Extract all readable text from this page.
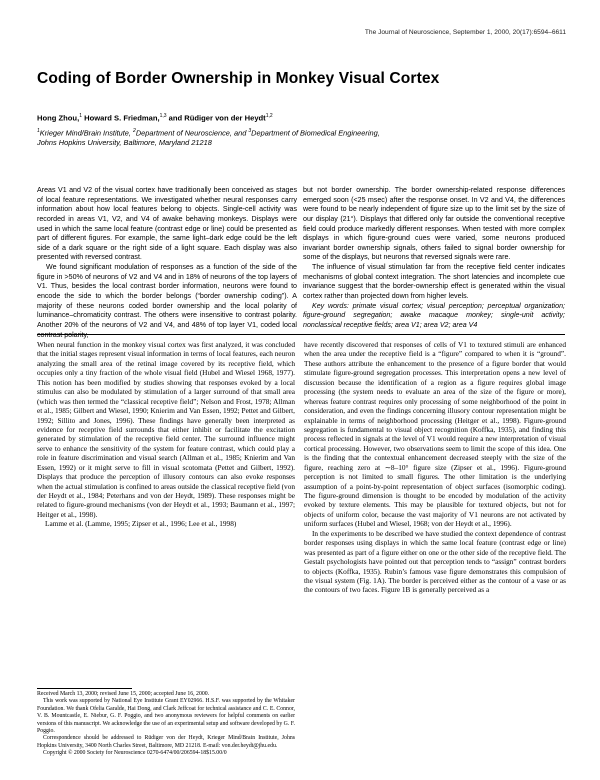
The Journal of Neuroscience, September 1, 2000, 20(17):6594–6611
Coding of Border Ownership in Monkey Visual Cortex
Hong Zhou,$^1$ Howard S. Friedman,$^{1,3}$ and Rüdiger von der Heydt$^{1,2}$
$^1$Krieger Mind/Brain Institute, $^2$Department of Neuroscience, and $^3$Department of Biomedical Engineering,
Johns Hopkins University, Baltimore, Maryland 21218

Areas V1 and V2 of the visual cortex have traditionally been conceived as stages of local feature representations. We investigated whether neural responses carry information about how local features belong to objects. Single-cell activity was recorded in areas V1, V2, and V4 of awake behaving monkeys. Displays were used in which the same local feature (contrast edge or line) could be presented as part of different figures. For example, the same light–dark edge could be the left side of a dark square or the right side of a light square. Each display was also presented with reversed contrast.

We found significant modulation of responses as a function of the side of the figure in >50% of neurons of V2 and V4 and in 18% of neurons of the top layers of V1. Thus, besides the local contrast border information, neurons were found to encode the side to which the border belongs (“border ownership coding”). A majority of these neurons coded border ownership and the local polarity of luminance–chromaticity contrast. The others were insensitive to contrast polarity. Another 20% of the neurons of V2 and V4, and 48% of top layer V1, coded local contrast polarity,

but not border ownership. The border ownership-related response differences emerged soon (<25 msec) after the response onset. In V2 and V4, the differences were found to be nearly independent of figure size up to the limit set by the size of our display (21°). Displays that differed only far outside the conventional receptive field could produce markedly different responses. When tested with more complex displays in which figure-ground cues were varied, some neurons produced invariant border ownership signals, others failed to signal border ownership for some of the displays, but neurons that reversed signals were rare.

The influence of visual stimulation far from the receptive field center indicates mechanisms of global context integration. The short latencies and incomplete cue invariance suggest that the border-ownership effect is generated within the visual cortex rather than projected down from higher levels.

Key words: primate visual cortex; visual perception; perceptual organization; figure-ground segregation; awake macaque monkey; single-unit activity; nonclassical receptive fields; area V1; area V2; area V4

When neural function in the monkey visual cortex was first analyzed, it was concluded that the initial stages represent visual information in terms of local features, each neuron analyzing the small area of the retinal image covered by its receptive field, which occupies only a tiny fraction of the whole visual field (Hubel and Wiesel 1968, 1977). This notion has been modified by studies showing that responses evoked by a local stimulus can also be modulated by stimulation of a larger surround of that small area (which was then termed the “classical receptive field”; Nelson and Frost, 1978; Allman et al., 1985; Gilbert and Wiesel, 1990; Knierim and Van Essen, 1992; Pettet and Gilbert, 1992; Sillito and Jones, 1996). These findings have generally been interpreted as evidence for receptive field surrounds that either inhibit or facilitate the excitation generated by stimulation of the receptive field center. The surround influence might serve to enhance the sensitivity of the system for feature contrast, which could play a role in feature discrimination and visual search (Allman et al., 1985; Knierim and Van Essen, 1992) or it might serve to fill in visual scotomata (Pettet and Gilbert, 1992). Displays that produce the perception of illusory contours can also evoke responses when the actual stimulation is confined to areas outside the classical receptive field (von der Heydt et al., 1984; Peterhans and von der Heydt, 1989). These responses might be related to figure-ground mechanisms (von der Heydt et al., 1993; Baumann et al., 1997; Heitger et al., 1998).

Lamme et al. (Lamme, 1995; Zipser et al., 1996; Lee et al., 1998)

have recently discovered that responses of cells of V1 to textured stimuli are enhanced when the area under the receptive field is a “figure” compared to when it is “ground”. These authors attribute the enhancement to the presence of a figure border that would stimulate figure-ground segregation processes. This interpretation opens a new level of discussion because the identification of a region as a figure requires global image processing (the system needs to evaluate an area of the size of the figure or more), whereas feature contrast requires only processing of some neighborhood of the point in consideration, and even the findings concerning illusory contour representation might be explainable in terms of neighborhood processing (Heitger et al., 1998). Figure-ground segregation is fundamental to visual object recognition (Koffka, 1935), and finding this process reflected in signals at the level of V1 would require a new interpretation of visual cortical processing. However, two observations seem to limit the scope of this idea. One is the finding that the contextual enhancement decreased steeply with the size of the figure, reaching zero at ∼8–10° figure size (Zipser et al., 1996). Figure-ground perception is not limited to small figures. The other limitation is the underlying assumption of a point-by-point representation of object surfaces (isomorphic coding). The figure-ground dimension is thought to be encoded by modulation of the activity evoked by texture elements. This may be plausible for textured objects, but not for objects of uniform color, because the vast majority of V1 neurons are not activated by uniform surfaces (Hubel and Wiesel, 1968; von der Heydt et al., 1996).

In the experiments to be described we have studied the context dependence of contrast border responses using displays in which the same local feature (contrast edge or line) was presented as part of a figure either on one or the other side of the receptive field. The Gestalt psychologists have pointed out that perception tends to “assign” contrast borders to objects (Koffka, 1935). Rubin’s famous vase figure demonstrates this compulsion of the visual system (Fig. 1A). The border is perceived either as the contour of a vase or as the contours of two faces. Figure 1B is generally perceived as a

Received March 13, 2000; revised June 15, 2000; accepted June 16, 2000.

This work was supported by National Eye Institute Grant EY02966. H.S.F. was supported by the Whitaker Foundation. We thank Ofelia Garalde, Hai Dong, and Clark Jeffcoat for technical assistance and C. E. Connor, V. B. Mountcastle, E. Niebur, G. F. Poggio, and two anonymous reviewers for helpful comments on earlier versions of this manuscript. We acknowledge the use of an experimental setup and software developed by G. F. Poggio.

Correspondence should be addressed to Rüdiger von der Heydt, Krieger Mind/Brain Institute, Johns Hopkins University, 3400 North Charles Street, Baltimore, MD 21218. E-mail: von.der.heydt@jhu.edu.

Copyright © 2000 Society for Neuroscience 0270-6474/00/206594-18$15.00/0
